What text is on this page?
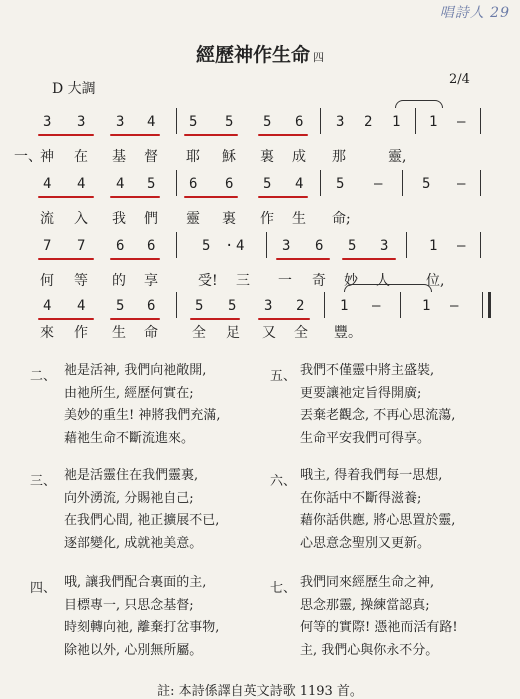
唱詩人 29
經歷神作生命 四
D 大調
2/4
3 3 3 4 5 5 5 6 3 2 1 1 –
一、
神 在 基 督 耶 穌 裏 成 那	靈,
4 4 4 5 6 6 5 4 5 –	5 –
流 入 我 們 靈 裏 作 生 命;
7 7 6 6	5 · 4	3 6 5 3	1 –
何 等 的 享	受! 三 一 奇 妙 人	位,
4 4 5 6	5 5 3 2	1 –	1 –
來 作 生 命 全 足 又 全 豐。
二、 祂是活神, 我們向祂敞開,
由祂所生, 經歷何實在;
美妙的重生! 神將我們充滿,
藉祂生命不斷流進來。
三、 祂是活靈住在我們靈裏,
向外湧流, 分賜祂自己;
在我們心間, 祂正擴展不已,
逐部變化, 成就祂美意。
四、 哦, 讓我們配合裏面的主,
目標專一, 只思念基督;
時刻轉向祂, 離棄打岔事物,
除祂以外, 心別無所屬。
五、 我們不僅靈中將主盛裝,
更要讓祂定旨得開廣;
丟棄老觀念, 不再心思流蕩,
生命平安我們可得享。
六、 哦主, 得着我們每一思想,
在你話中不斷得滋養;
藉你話供應, 將心思置於靈,
心思意念聖別又更新。
七、 我們同來經歷生命之神,
思念那靈, 操練當認真;
何等的實際! 憑祂而活有路!
主, 我們心與你永不分。
註: 本詩係譯自英文詩歌 1193 首。
